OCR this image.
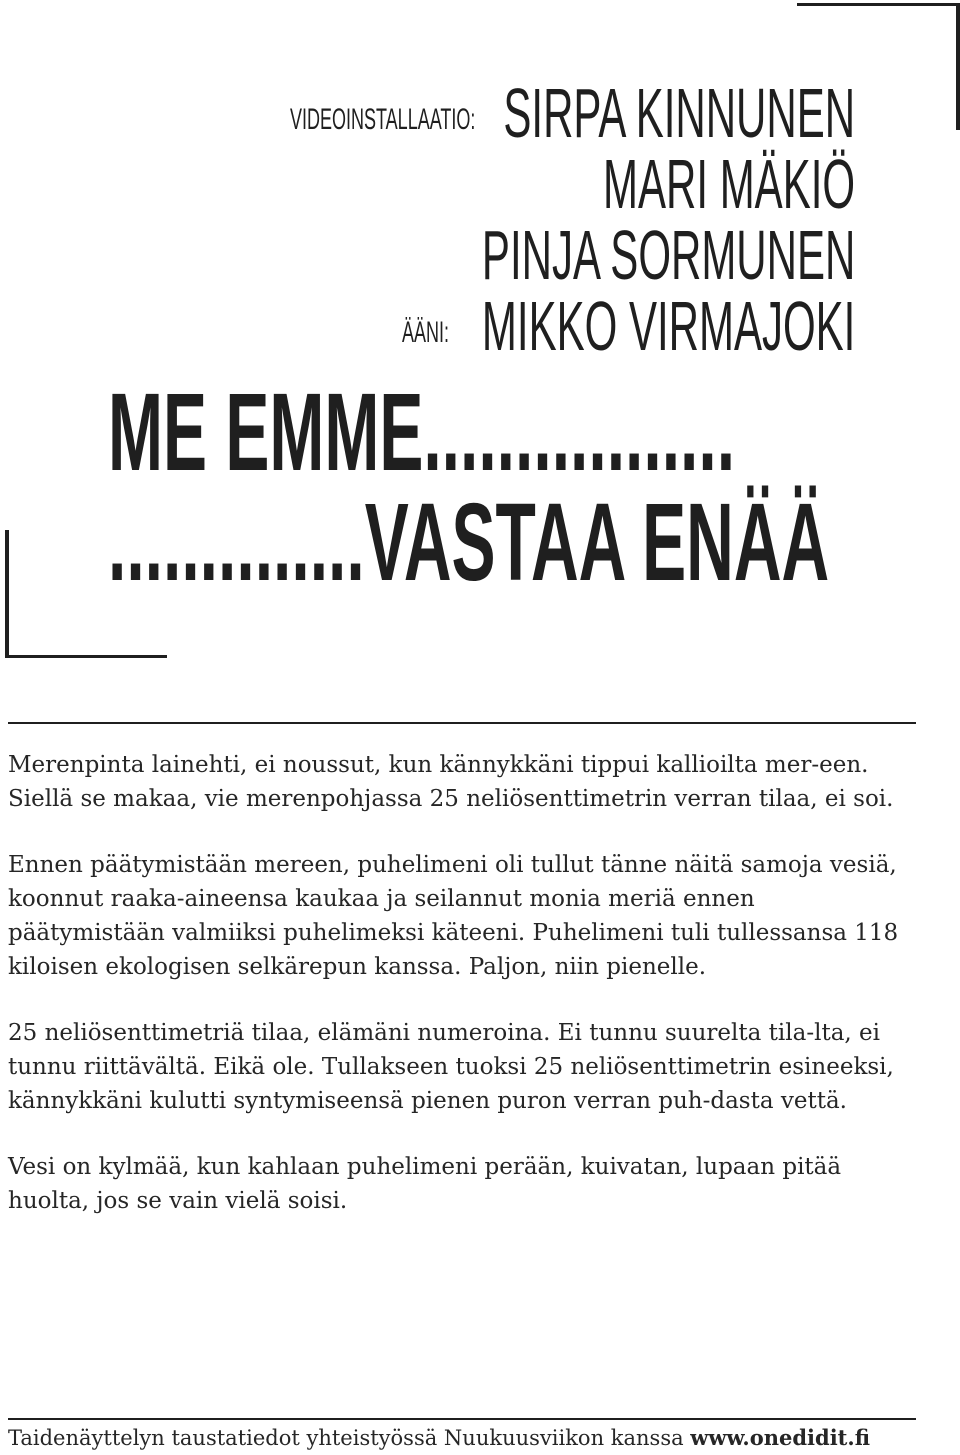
SIRPA KINNUNEN
MARI MÄKIÖ
PINJA SORMUNEN
MIKKO VIRMAJOKI
VIDEOINSTALLAATIO:
ÄÄNI:
ME EMME.................
..............VASTAA ENÄÄ

Merenpinta lainehti, ei noussut, kun kännykkäni tippui kallioilta mer-een. Siellä se makaa, vie merenpohjassa 25 neliösenttimetrin verran tilaa, ei soi.

Ennen päätymistään mereen, puhelimeni oli tullut tänne näitä samoja vesiä, koonnut raaka-aineensa kaukaa ja seilannut monia meriä ennen päätymistään valmiiksi puhelimeksi käteeni. Puhelimeni tuli tullessansa 118 kiloisen ekologisen selkärepun kanssa. Paljon, niin pienelle.

25 neliösenttimetriä tilaa, elämäni numeroina. Ei tunnu suurelta tila-lta, ei tunnu riittävältä. Eikä ole. Tullakseen tuoksi 25 neliösenttimetrin esineeksi, kännykkäni kulutti syntymiseensä pienen puron verran puh-dasta vettä.

Vesi on kylmää, kun kahlaan puhelimeni perään, kuivatan, lupaan pitää huolta, jos se vain vielä soisi.

Taidenäyttelyn taustatiedot yhteistyössä Nuukuusviikon kanssa www.onedidit.fi
